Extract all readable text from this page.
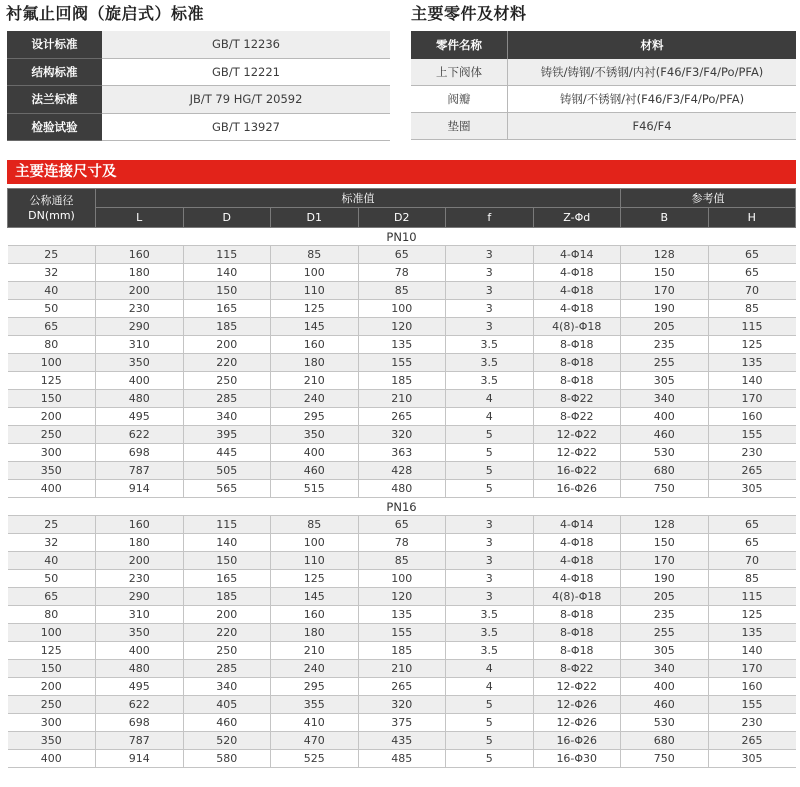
衬氟止回阀（旋启式）标准	主要零件及材料
设计标准	GB/T 12236
结构标准	GB/T 12221
法兰标准	JB/T 79 HG/T 20592
检验试验	GB/T 13927
零件名称	材料
上下阀体	铸铁/铸钢/不锈钢/内衬(F46/F3/F4/Po/PFA)
阀瓣	铸钢/不锈钢/衬(F46/F3/F4/Po/PFA)
垫圈	F46/F4
主要连接尺寸及
公称通径
DN(mm)	标准值						参考值	
	L	D	D1	D2	f	Z-Φd	B	H
PN10								
25	160	115	85	65	3	4-Φ14	128	65
32	180	140	100	78	3	4-Φ18	150	65
40	200	150	110	85	3	4-Φ18	170	70
50	230	165	125	100	3	4-Φ18	190	85
65	290	185	145	120	3	4(8)-Φ18	205	115
80	310	200	160	135	3.5	8-Φ18	235	125
100	350	220	180	155	3.5	8-Φ18	255	135
125	400	250	210	185	3.5	8-Φ18	305	140
150	480	285	240	210	4	8-Φ22	340	170
200	495	340	295	265	4	8-Φ22	400	160
250	622	395	350	320	5	12-Φ22	460	155
300	698	445	400	363	5	12-Φ22	530	230
350	787	505	460	428	5	16-Φ22	680	265
400	914	565	515	480	5	16-Φ26	750	305
PN16								
25	160	115	85	65	3	4-Φ14	128	65
32	180	140	100	78	3	4-Φ18	150	65
40	200	150	110	85	3	4-Φ18	170	70
50	230	165	125	100	3	4-Φ18	190	85
65	290	185	145	120	3	4(8)-Φ18	205	115
80	310	200	160	135	3.5	8-Φ18	235	125
100	350	220	180	155	3.5	8-Φ18	255	135
125	400	250	210	185	3.5	8-Φ18	305	140
150	480	285	240	210	4	8-Φ22	340	170
200	495	340	295	265	4	12-Φ22	400	160
250	622	405	355	320	5	12-Φ26	460	155
300	698	460	410	375	5	12-Φ26	530	230
350	787	520	470	435	5	16-Φ26	680	265
400	914	580	525	485	5	16-Φ30	750	305
